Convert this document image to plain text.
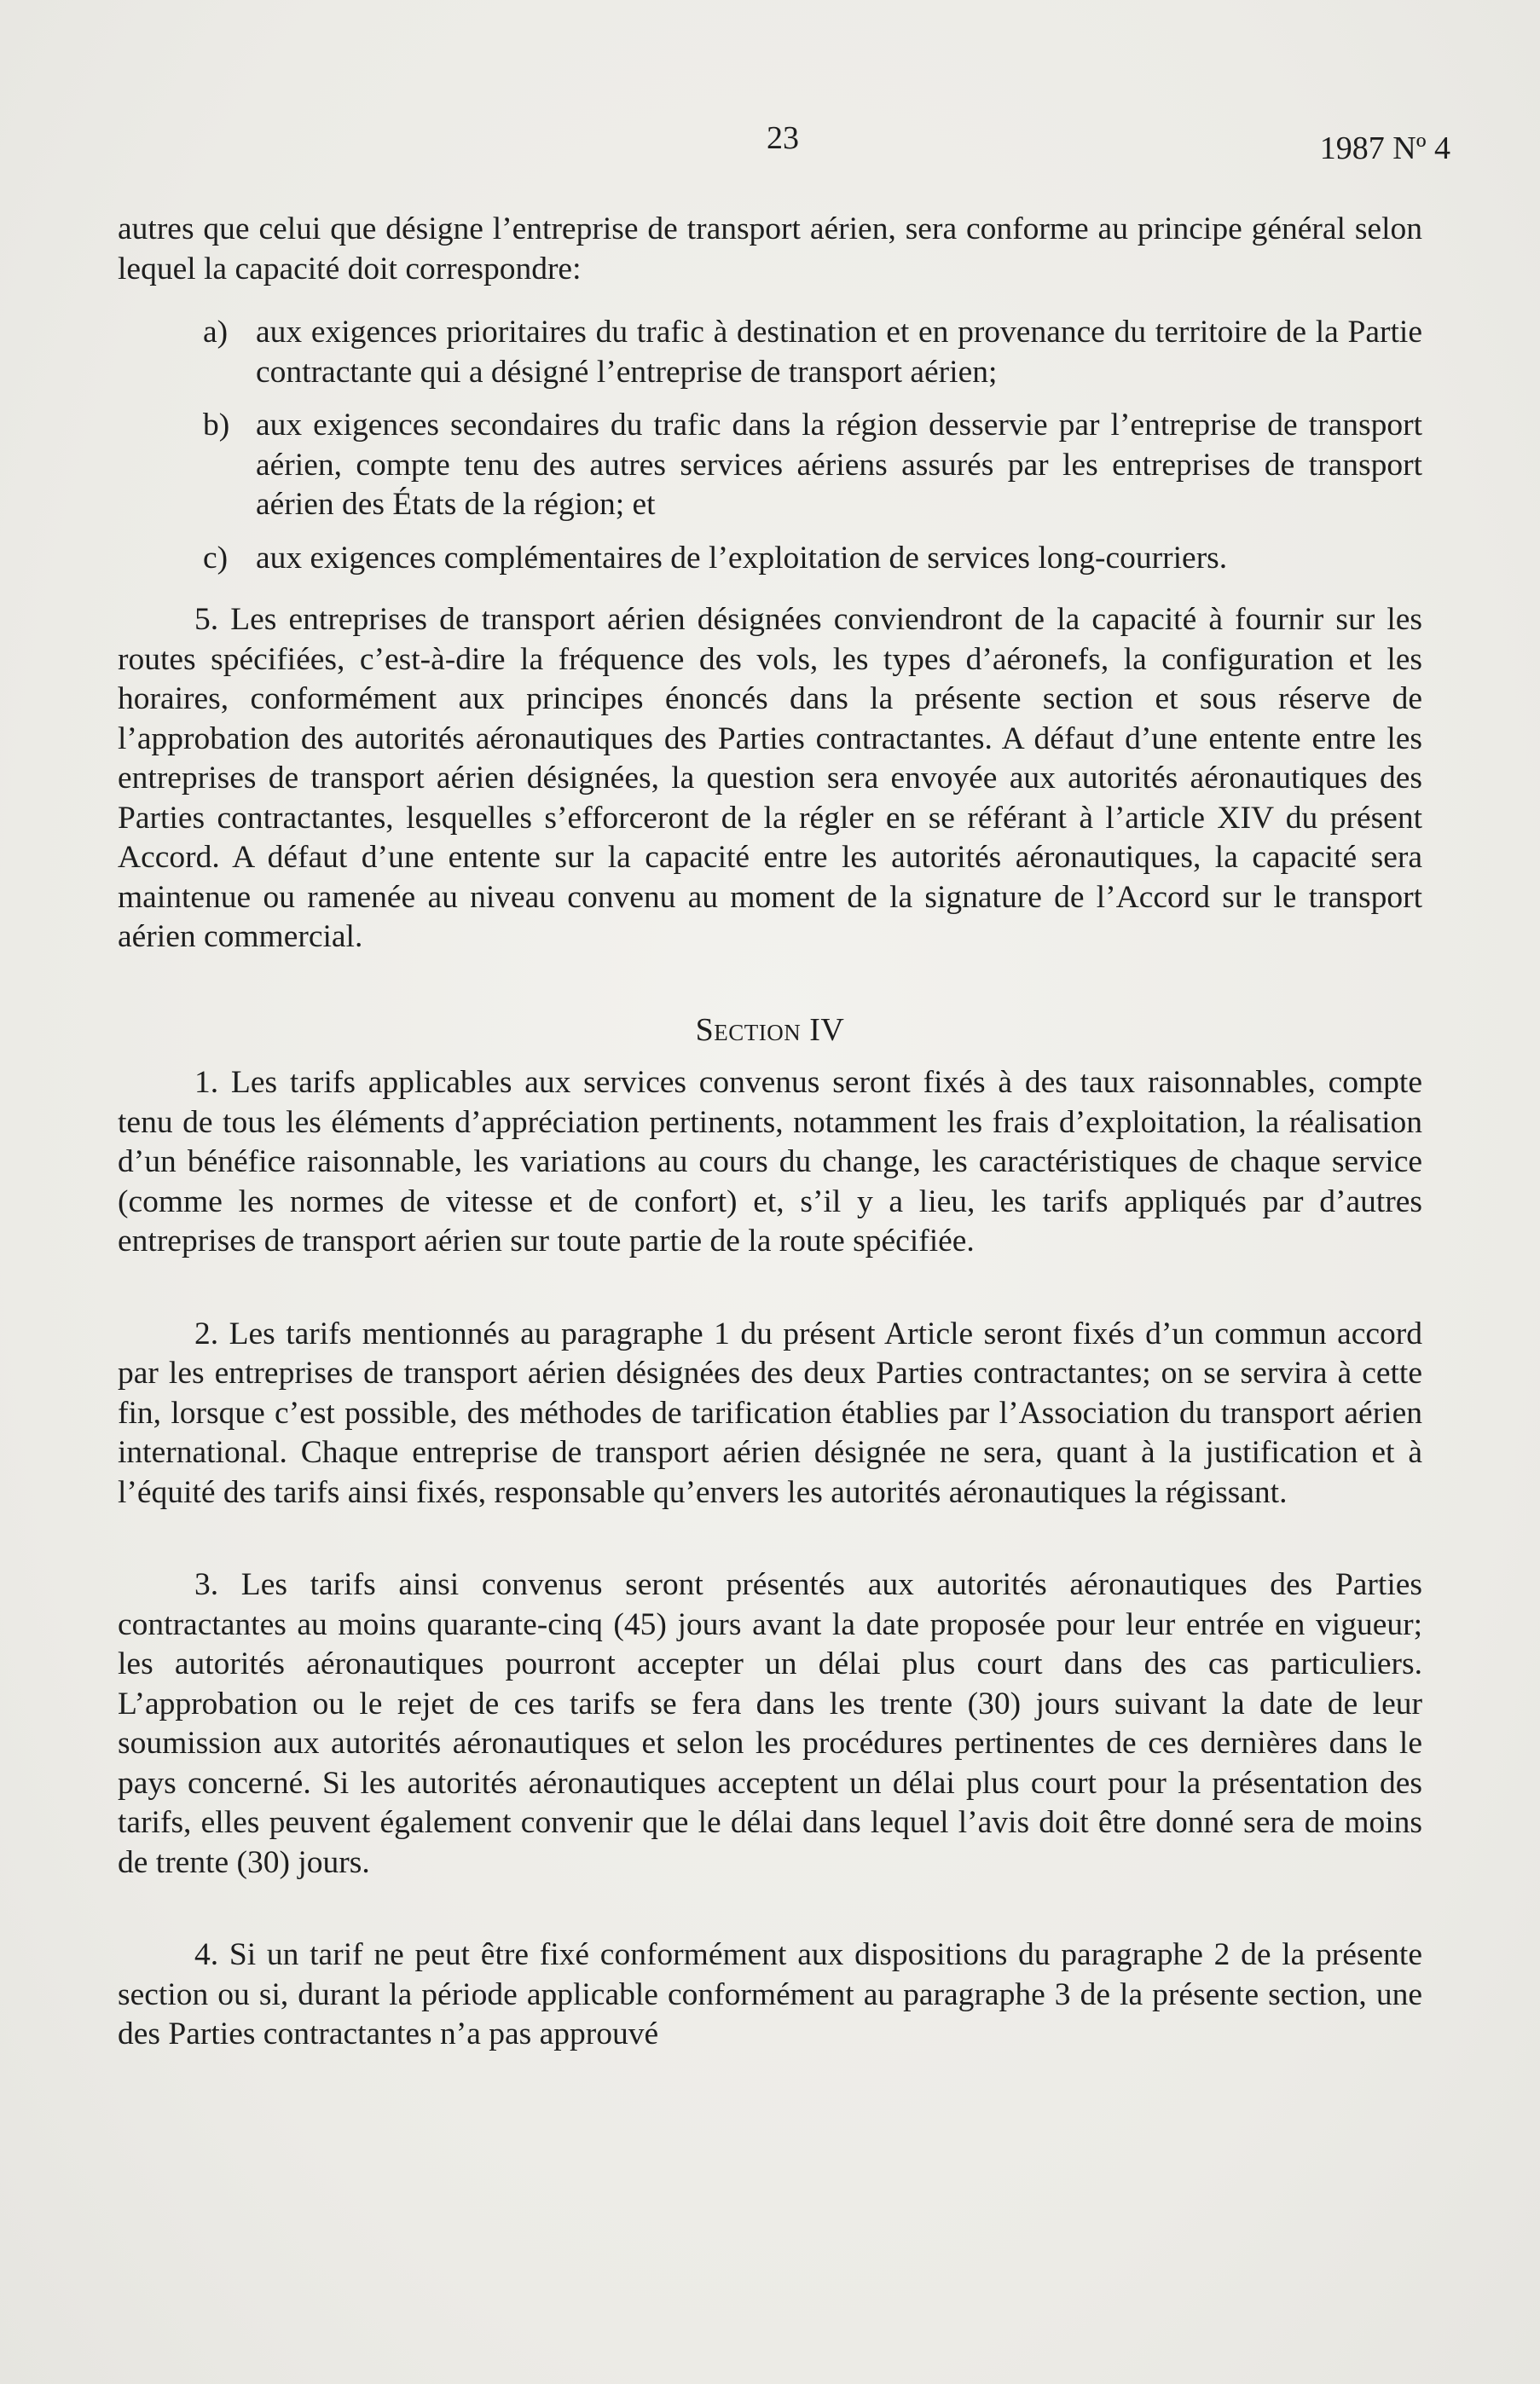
23	1987 Nº 4

autres que celui que désigne l’entreprise de transport aérien, sera conforme au principe général selon lequel la capacité doit correspondre:

a) aux exigences prioritaires du trafic à destination et en provenance du territoire de la Partie contractante qui a désigné l’entreprise de transport aérien;

b) aux exigences secondaires du trafic dans la région desservie par l’entreprise de transport aérien, compte tenu des autres services aériens assurés par les entreprises de transport aérien des États de la région; et

c) aux exigences complémentaires de l’exploitation de services long-courriers.

5. Les entreprises de transport aérien désignées conviendront de la capacité à fournir sur les routes spécifiées, c’est-à-dire la fréquence des vols, les types d’aéronefs, la configuration et les horaires, conformément aux principes énoncés dans la présente section et sous réserve de l’approbation des autorités aéronautiques des Parties contractantes. A défaut d’une entente entre les entreprises de transport aérien désignées, la question sera envoyée aux autorités aéronautiques des Parties contractantes, lesquelles s’efforceront de la régler en se référant à l’article XIV du présent Accord. A défaut d’une entente sur la capacité entre les autorités aéronautiques, la capacité sera maintenue ou ramenée au niveau convenu au moment de la signature de l’Accord sur le transport aérien commercial.

Section IV

1. Les tarifs applicables aux services convenus seront fixés à des taux raisonnables, compte tenu de tous les éléments d’appréciation pertinents, notamment les frais d’exploitation, la réalisation d’un bénéfice raisonnable, les variations au cours du change, les caractéristiques de chaque service (comme les normes de vitesse et de confort) et, s’il y a lieu, les tarifs appliqués par d’autres entreprises de transport aérien sur toute partie de la route spécifiée.

2. Les tarifs mentionnés au paragraphe 1 du présent Article seront fixés d’un commun accord par les entreprises de transport aérien désignées des deux Parties contractantes; on se servira à cette fin, lorsque c’est possible, des méthodes de tarification établies par l’Association du transport aérien international. Chaque entreprise de transport aérien désignée ne sera, quant à la justification et à l’équité des tarifs ainsi fixés, responsable qu’envers les autorités aéronautiques la régissant.

3. Les tarifs ainsi convenus seront présentés aux autorités aéronautiques des Parties contractantes au moins quarante-cinq (45) jours avant la date proposée pour leur entrée en vigueur; les autorités aéronautiques pourront accepter un délai plus court dans des cas particuliers. L’approbation ou le rejet de ces tarifs se fera dans les trente (30) jours suivant la date de leur soumission aux autorités aéronautiques et selon les procédures pertinentes de ces dernières dans le pays concerné. Si les autorités aéronautiques acceptent un délai plus court pour la présentation des tarifs, elles peuvent également convenir que le délai dans lequel l’avis doit être donné sera de moins de trente (30) jours.

4. Si un tarif ne peut être fixé conformément aux dispositions du paragraphe 2 de la présente section ou si, durant la période applicable conformément au paragraphe 3 de la présente section, une des Parties contractantes n’a pas approuvé
